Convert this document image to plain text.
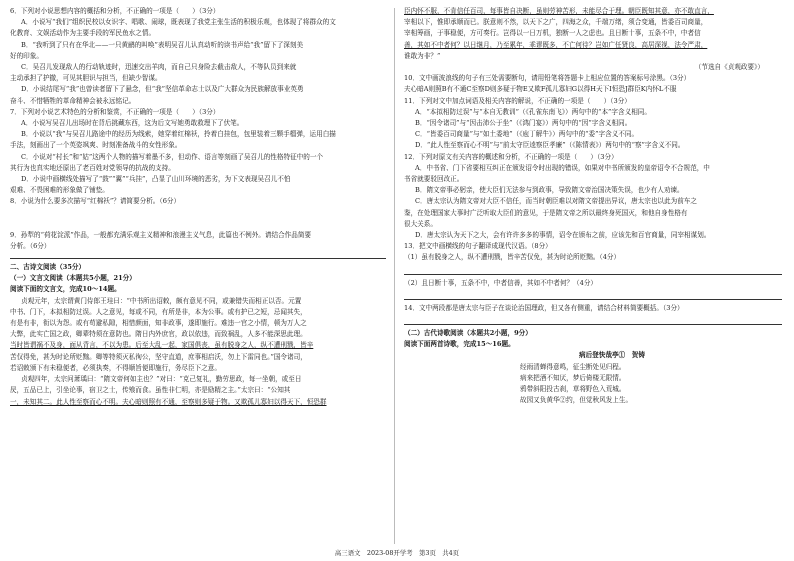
6．下列对小说思想内容的概括和分析，不正确的一项是（　　）（3分）
A．小说写“我们”组织民校以女识字、唱歌、闹球，既表现了我党主张生活的积极乐观，也体现了将群众的文
化教育、文娱活动作为主要手段的军民鱼水之情。
B．“我听到了只有在华北——一只黄鹂的叫唤”表明吴召儿认真动听的读书声给“我”留下了深刻美
好的印象。
C．吴召儿发现敌人的行动轨迹时，迅速交出羊肉，而自己只身险去截击敌人，不等队员到来就
主动承担了护撤，可见其胆识与担当，但缺少智谋。
D．小说结尾写“我”也曾读者留下了悬念，但“我”坚信革命志士以及广大群众为民族解放事业英勇
奋斗、不惜牺牲的革命精神会被永远铭记。
7．下列对小说艺术特色的分析和鉴赏，不正确的一项是（　　）（3分）
A．小说写吴召儿出场时在背后挑藏东西，这为后文写她勇敢救理下了伏笔。
B．小说以“我”与吴召儿路途中的经历为线索，她穿着红棉袄，拎着白挂包，包里装着三颗手榴弹，运用白描
手法，刻画出了一个英姿飒爽、时刻准备战斗的女性形象。
C．小说对“村长”和“姑”这两个人物的描写着墨不多，但动作、语言等刻画了吴召儿的性格特征中的一个
其行为也真实地还原出了老百姓对党领导的抗战的支持。
D．小说中画横线处描写了“鼓”“翼”“兵挂”，凸显了山川环境的恶劣，为下文表现吴召儿不怕
艰难、不畏困难的形象做了铺垫。
8．小说为什么要多次描写“红棉袄”？请简要分析。（6分）
9．孙犁的“荷花淀派”作品，一般都充满乐观主义精神和浪漫主义气息，此篇也不例外。请结合作品简要
分析。（6分）
二、古诗文阅读（35分）
（一）文言文阅读（本题共5小题，21分）
阅读下面的文言文，完成10～14题。
贞观元年，太宗谓黄门侍郎王珪曰：“中书所出诏敕，颇有意见不同，或兼错失而相正以否。元置
中书、门下，本拟相防过误。人之意见，每或不同，有所是非，本为公事。或有护已之短，忌闻其失，
有是有非，衔以为怨。或有苟避私隙，相惜颜面，知非政事，遂即施行。难违一官之小情，顿为万人之
大弊，此实亡国之政，卿辈特须在意防也。隋日内外庶官，政以依违，而致祸乱，人多不能深思此理。
当时皆谓祸不及身，面从背言，不以为患。后至大乱一起，家国俱丧，虽有脱身之人，纵不遭刑戮，皆辛
苦仅得免，甚为时论所贬黜。卿等特须灭私徇公，坚守直道，庶事相启沃，勿上下雷同也。”国令诸司，
若诏敕颁下有未稳便者，必须执奏，不得顺旨便即施行，务尽臣下之意。
贞观四年，太宗问萧瑀曰：“隋文帝何如主也？”对曰：“克己复礼，勤劳思政，每一坐朝，或至日
昃，五品已上，引坐论事，宿卫之士，传飧而食。虽性非仁明，亦是励精之主。”太宗曰：“公知其
一，未知其二。此人性至察而心不明。夫心暗则照有不通，至察则多疑于物。又欺孤儿寡妇以得天下，恒恐群
臣内怀不服，不肯信任百司，每事皆自决断，虽则劳神苦形，未能尽合于理。朝臣既知其意，亦不敢直言，
宰相以下，惟即承顺而已。朕意则不然，以天下之广，四海之众，千端万绪，须合变通，皆委百司商量，
宰相筹画，于事稳便，方可奏行。岂得以一日万机，独断一人之虑也。且日断十事，五条不中，中者信
善，其如不中者何？以日继月，乃至累年，乖谬既多，不亡何待？岂如广任贤良，高居深视，法令严肃，
谁敢为非？”
（节选自《贞观政要》）
10．文中画波浪线的句子有三处需要断句，请用铅笔将答题卡上相应位置的答案标号涂黑。（3分）
夫心暗A则照B有不通C至察D则多疑于物E又欺F孤儿寡妇G以得H天下I恒恐J群臣K内怀L不服
11．下列对文中加点词语及相关内容的解说，不正确的一项是（　　）（3分）
A．“本拟相防过误”与“本自无教训”（《孔雀东南飞》）两句中的“本”字含义相同。
B．“因令诸司”与“因击沛公于坐”（《鸿门宴》）两句中的“因”字含义相同。
C．“皆委百司商量”与“如土委地”（《庖丁解牛》）两句中的“委”字含义不同。
D．“此人性至察而心不明”与“前太守臣逵察臣孝廉”（《陈情表》）两句中的“察”字含义不同。
12．下列对原文有关内容的概述和分析，不正确的一项是（　　）（3分）
A．中书省、门下省要相互纠正在颁发诏令时出现的错误，如果对中书所颁发的皇帝诏令不合规范，中
书省就要驳回改正。
B．隋文帝事必躬亲，使大臣们无法参与到政事，导致隋文帝治国决策失误，也少有人劝谏。
C．唐太宗认为隋文帝对大臣不信任，而当时朝臣难以对隋文帝提出异议，唐太宗也以此为前车之
鉴，在处理国家大事时广泛听取大臣们的意见，于是隋文帝之所以最终身死国灭，和他自身性格有
很大关系。
D．唐太宗认为天下之大，会有许许多多的事情，诏令在颁布之前，应该先和百官商量，同宰相谋划。
13．把文中画横线的句子翻译成现代汉语。（8分）
（1）虽有脱身之人，纵不遭刑戮，皆辛苦仅免，甚为时论所贬黜。（4分）
（2）且日断十事，五条不中，中者信善，其如不中者何？（4分）
14．文中两段都是唐太宗与臣子在谈论治国理政，但又各有侧重，请结合材料简要概括。（3分）
（二）古代诗歌阅读（本题共2小题，9分）
阅读下面两首诗歌，完成15～16题。
病后登快哉亭①　贺铸
经雨清蝉得意鸣，征尘断处见归程。
病来把酒不知厌，梦后倚楼无限情。
鸦带斜阳投古刹，草将野色入荒城。
故园又负黄华②约，但觉秋风发上生。
高三语文　2023-08开学考　第3页　共4页
